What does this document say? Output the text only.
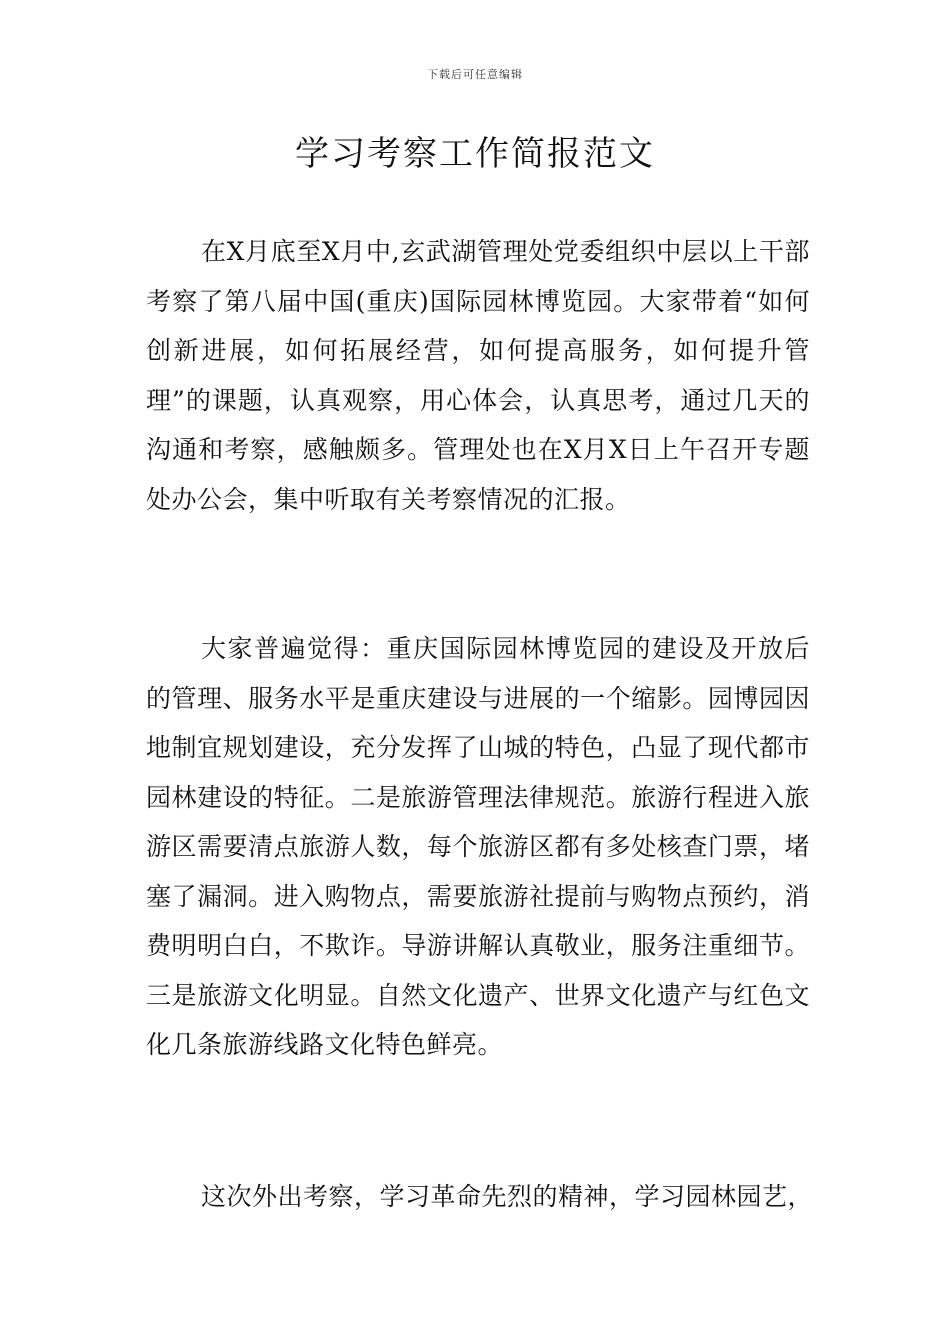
下载后可任意编辑
学习考察工作简报范文

在X月底至X月中,玄武湖管理处党委组织中层以上干部考察了第八届中国(重庆)国际园林博览园。大家带着“如何创新进展，如何拓展经营，如何提高服务，如何提升管理”的课题，认真观察，用心体会，认真思考，通过几天的沟通和考察，感触颇多。管理处也在X月X日上午召开专题处办公会，集中听取有关考察情况的汇报。

大家普遍觉得：重庆国际园林博览园的建设及开放后的管理、服务水平是重庆建设与进展的一个缩影。园博园因地制宜规划建设，充分发挥了山城的特色，凸显了现代都市园林建设的特征。二是旅游管理法律规范。旅游行程进入旅游区需要清点旅游人数，每个旅游区都有多处核查门票，堵塞了漏洞。进入购物点，需要旅游社提前与购物点预约，消费明明白白，不欺诈。导游讲解认真敬业，服务注重细节。三是旅游文化明显。自然文化遗产、世界文化遗产与红色文化几条旅游线路文化特色鲜亮。

这次外出考察，学习革命先烈的精神，学习园林园艺，
